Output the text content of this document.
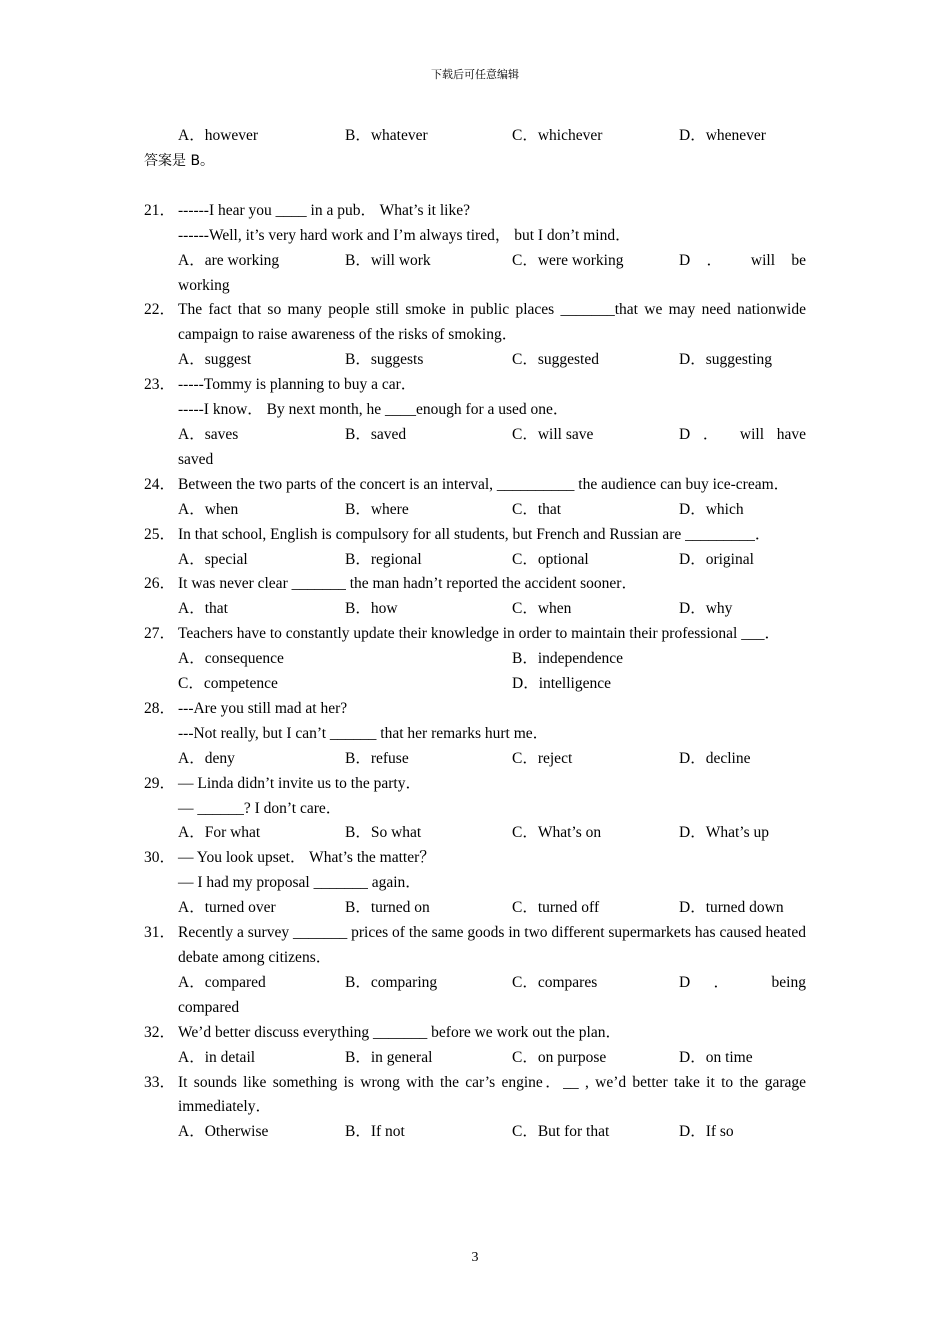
下载后可任意编辑
A．however	B．whatever	C．whichever	D．whenever
答案是 B。
21． ------I hear you ____ in a pub． What’s it like?
------Well, it’s very hard work and I’m always tired， but I don’t mind．
A．are working	B．will work	C．were working	D ． will be
working
22． The fact that so many people still smoke in public places _______that we may need nationwide campaign to raise awareness of the risks of smoking．
A．suggest	B．suggests	C．suggested	D．suggesting
23． -----Tommy is planning to buy a car．
-----I know． By next month, he ____enough for a used one．
A．saves	B．saved	C．will save	D ． will have
saved
24． Between the two parts of the concert is an interval, __________ the audience can buy ice-cream．
A．when	B．where	C．that	D．which
25． In that school, English is compulsory for all students, but French and Russian are _________．
A．special	B．regional	C．optional	D．original
26． It was never clear _______ the man hadn’t reported the accident sooner．
A．that	B．how	C．when	D．why
27． Teachers have to constantly update their knowledge in order to maintain their professional ___．
A．consequence	B．independence
C．competence	D．intelligence
28． ---Are you still mad at her?
---Not really, but I can’t ______ that her remarks hurt me．
A．deny	B．refuse	C．reject	D．decline
29． — Linda didn’t invite us to the party．
— ______? I don’t care．
A．For what	B．So what	C．What’s on	D．What’s up
30． — You look upset． What’s the matter？
— I had my proposal _______ again．
A．turned over	B．turned on	C．turned off	D．turned down
31． Recently a survey _______ prices of the same goods in two different supermarkets has caused heated debate among citizens．
A．compared	B．comparing	C．compares	D ． being
compared
32． We’d better discuss everything _______ before we work out the plan．
A．in detail	B．in general	C．on purpose	D．on time
33． It sounds like something is wrong with the car’s engine．__ , we’d better take it to the garage immediately．
A．Otherwise	B．If not	C．But for that	D．If so
3
